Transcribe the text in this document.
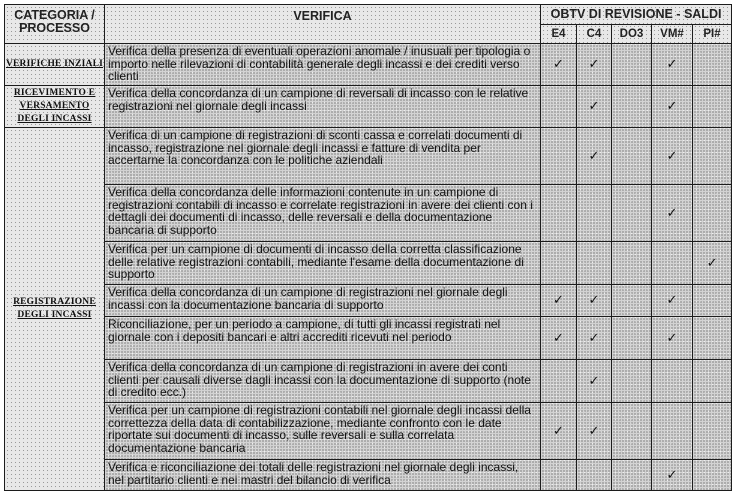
CATEGORIA / PROCESSO	VERIFICA	OBTV DI REVISIONE - SALDI				
		E4	C4	DO3	VM#	PI#
VERIFICHE INZIALI	Verifica della presenza di eventuali operazioni anomale / inusuali per tipologia o importo nelle rilevazioni di contabilità generale degli incassi e dei crediti verso clienti	✓	✓		✓	
RICEVIMENTO E VERSAMENTO DEGLI INCASSI	Verifica della concordanza di un campione di reversali di incasso con le relative registrazioni nel giornale degli incassi		✓		✓	
REGISTRAZIONE DEGLI INCASSI	Verifica di un campione di registrazioni di sconti cassa e correlati documenti di incasso, registrazione nel giornale degli incassi e fatture di vendita per accertarne la concordanza con le politiche aziendali		✓		✓	
	Verifica della concordanza delle informazioni contenute in un campione di registrazioni contabili di incasso e correlate registrazioni in avere dei clienti con i dettagli dei documenti di incasso, delle reversali e della documentazione bancaria di supporto				✓	
	Verifica per un campione di documenti di incasso della corretta classificazione delle relative registrazioni contabili, mediante l'esame della documentazione di supporto					✓
	Verifica della concordanza di un campione di registrazioni nel giornale degli incassi con la documentazione bancaria di supporto	✓	✓		✓	
	Riconciliazione, per un periodo a campione, di tutti gli incassi registrati nel giornale con i depositi bancari e altri accrediti ricevuti nel periodo	✓	✓		✓	
	Verifica della concordanza di un campione di registrazioni in avere dei conti clienti per causali diverse dagli incassi con la documentazione di supporto (note di credito ecc.)		✓			
	Verifica per un campione di registrazioni contabili nel giornale degli incassi della correttezza della data di contabilizzazione, mediante confronto con le date riportate sui documenti di incasso, sulle reversali e sulla correlata documentazione bancaria	✓	✓			
	Verifica e riconciliazione dei totali delle registrazioni nel giornale degli incassi, nel partitario clienti e nei mastri del bilancio di verifica				✓	
